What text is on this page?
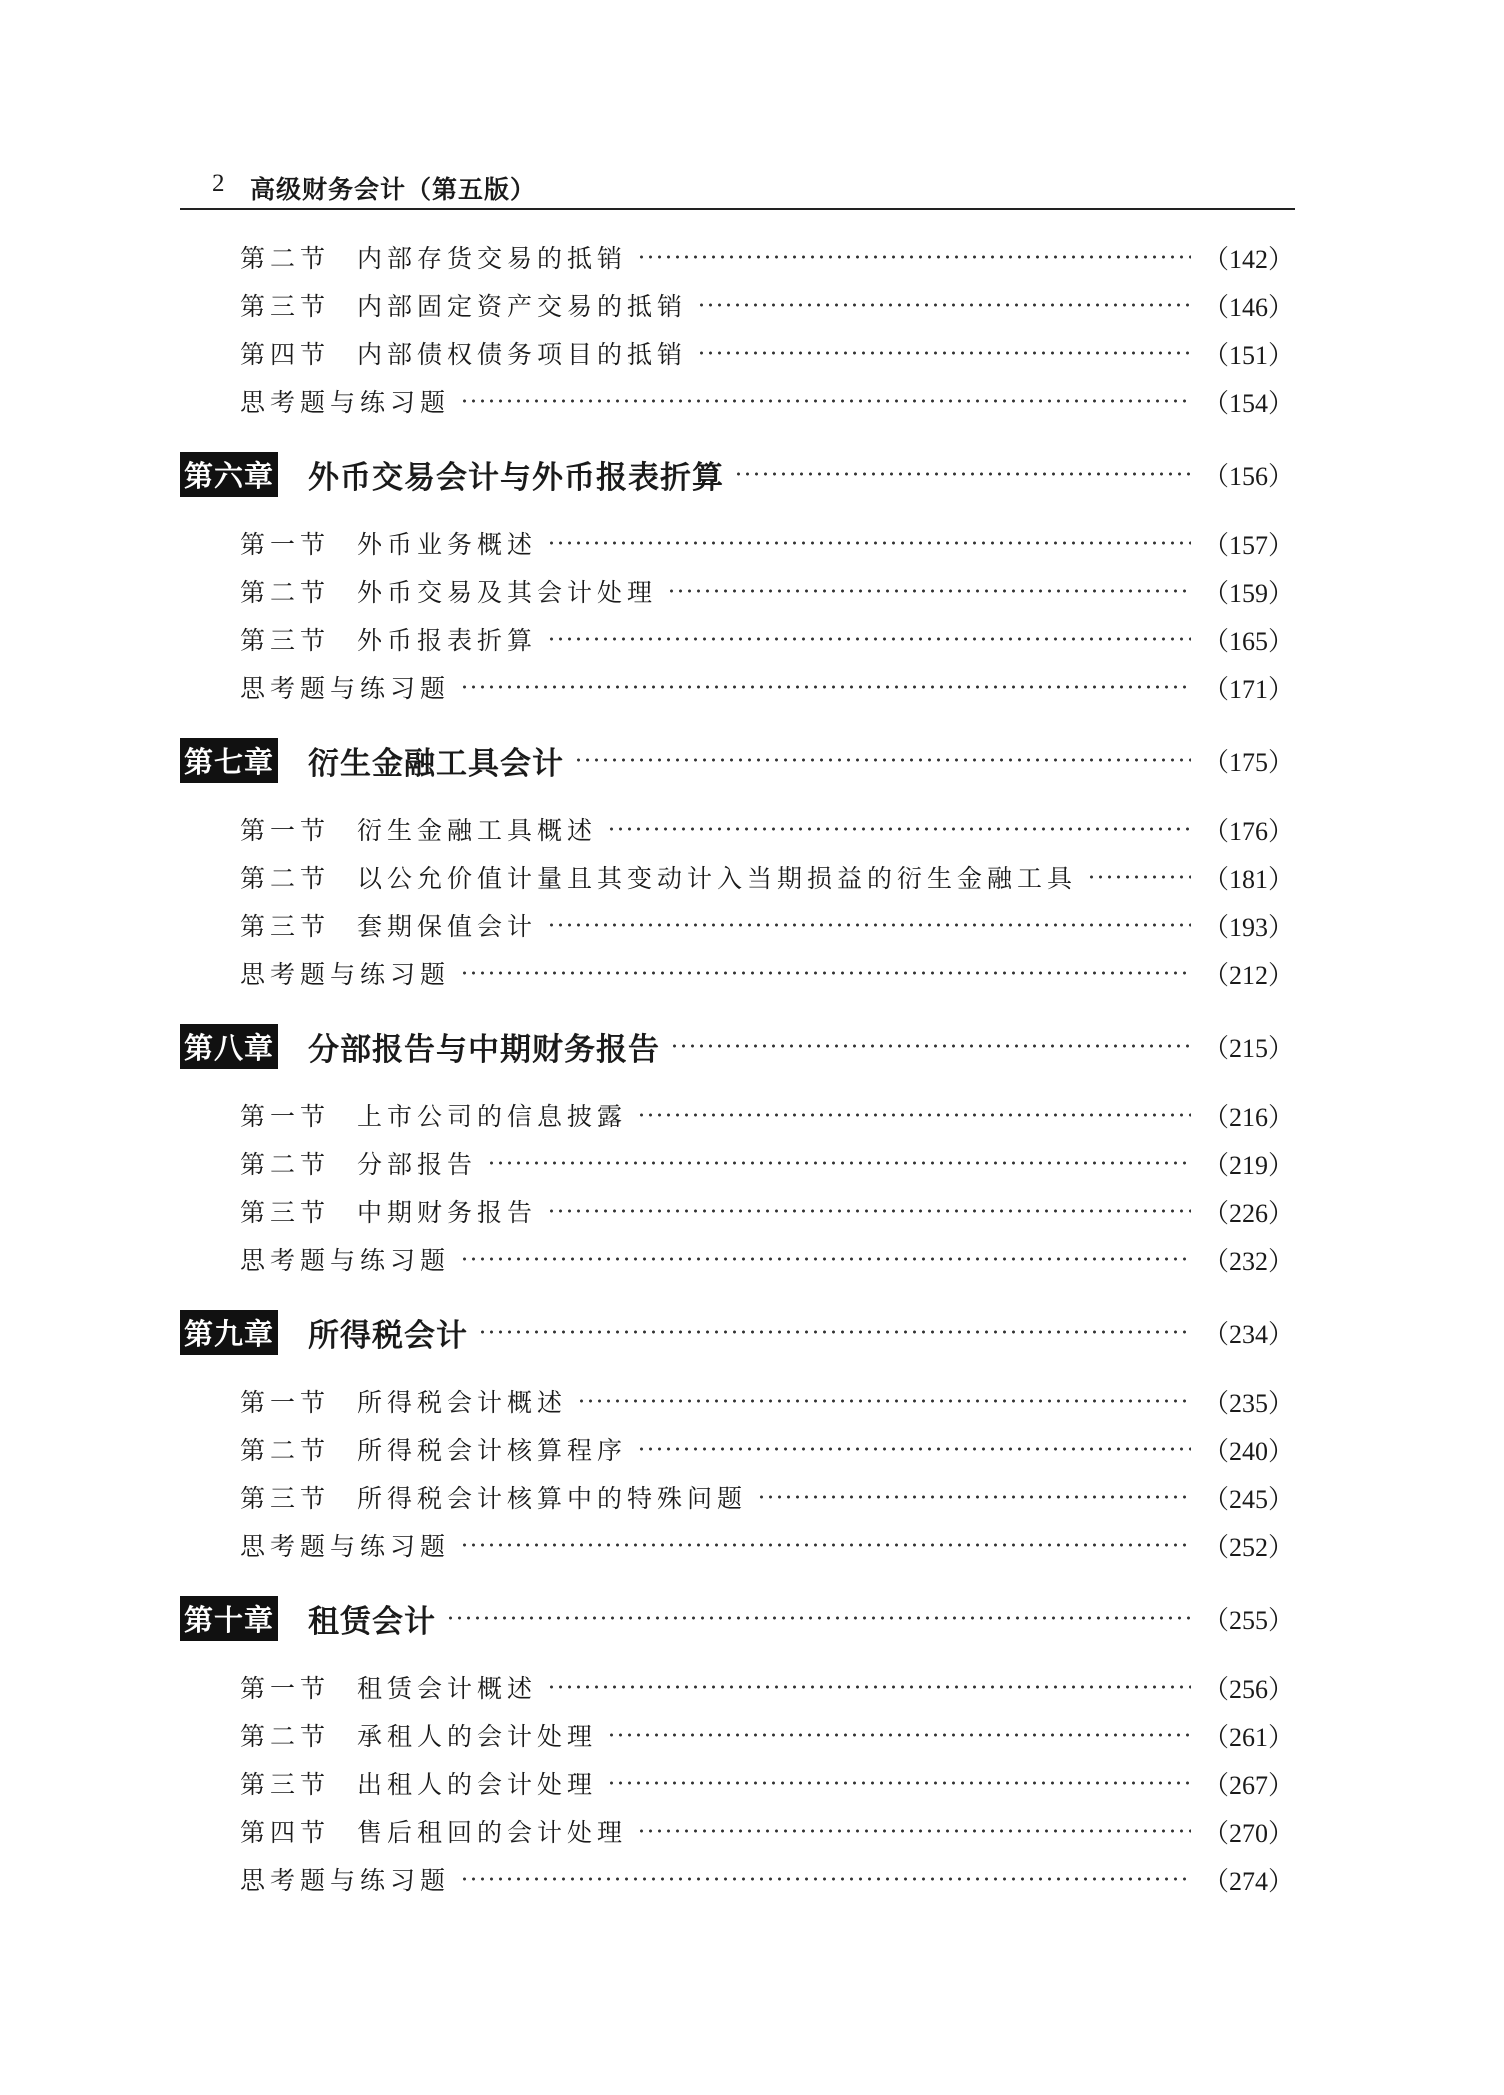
2 高级财务会计（第五版）
第二节 内部存货交易的抵销	（142）
第三节 内部固定资产交易的抵销	（146）
第四节 内部债权债务项目的抵销	（151）
思考题与练习题	（154）
第六章 外币交易会计与外币报表折算	（156）
第一节 外币业务概述	（157）
第二节 外币交易及其会计处理	（159）
第三节 外币报表折算	（165）
思考题与练习题	（171）
第七章 衍生金融工具会计	（175）
第一节 衍生金融工具概述	（176）
第二节 以公允价值计量且其变动计入当期损益的衍生金融工具	（181）
第三节 套期保值会计	（193）
思考题与练习题	（212）
第八章 分部报告与中期财务报告	（215）
第一节 上市公司的信息披露	（216）
第二节 分部报告	（219）
第三节 中期财务报告	（226）
思考题与练习题	（232）
第九章 所得税会计	（234）
第一节 所得税会计概述	（235）
第二节 所得税会计核算程序	（240）
第三节 所得税会计核算中的特殊问题	（245）
思考题与练习题	（252）
第十章 租赁会计	（255）
第一节 租赁会计概述	（256）
第二节 承租人的会计处理	（261）
第三节 出租人的会计处理	（267）
第四节 售后租回的会计处理	（270）
思考题与练习题	（274）
